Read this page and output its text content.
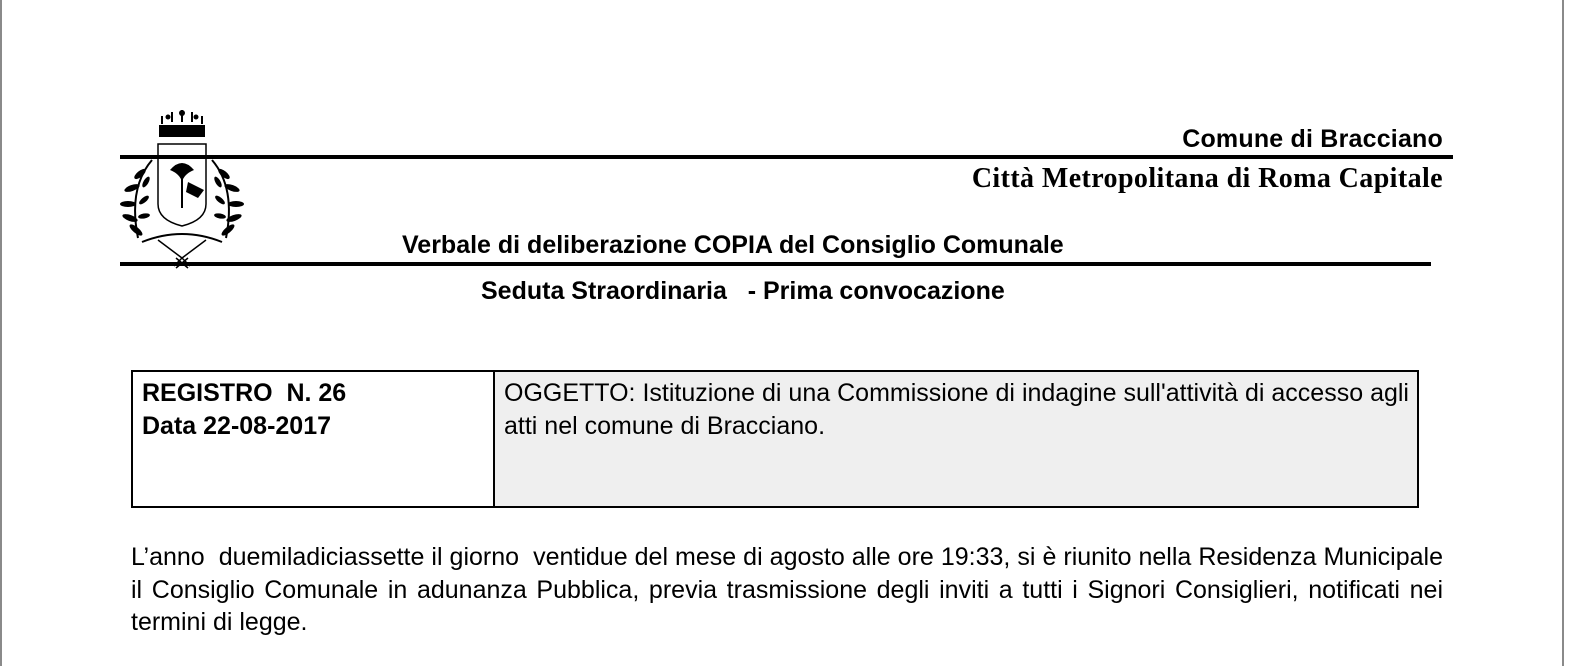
Comune di Bracciano
Città Metropolitana di Roma Capitale
Verbale di deliberazione COPIA del Consiglio Comunale
Seduta Straordinaria   - Prima convocazione
REGISTRO  N. 26
Data 22-08-2017
OGGETTO: Istituzione di una Commissione di indagine sull'attività di accesso agli atti nel comune di Bracciano.
L’anno  duemiladiciassette il giorno  ventidue del mese di agosto alle ore 19:33, si è riunito nella Residenza Municipale il Consiglio Comunale in adunanza Pubblica, previa trasmissione degli inviti a tutti i Signori Consiglieri, notificati nei termini di legge.
